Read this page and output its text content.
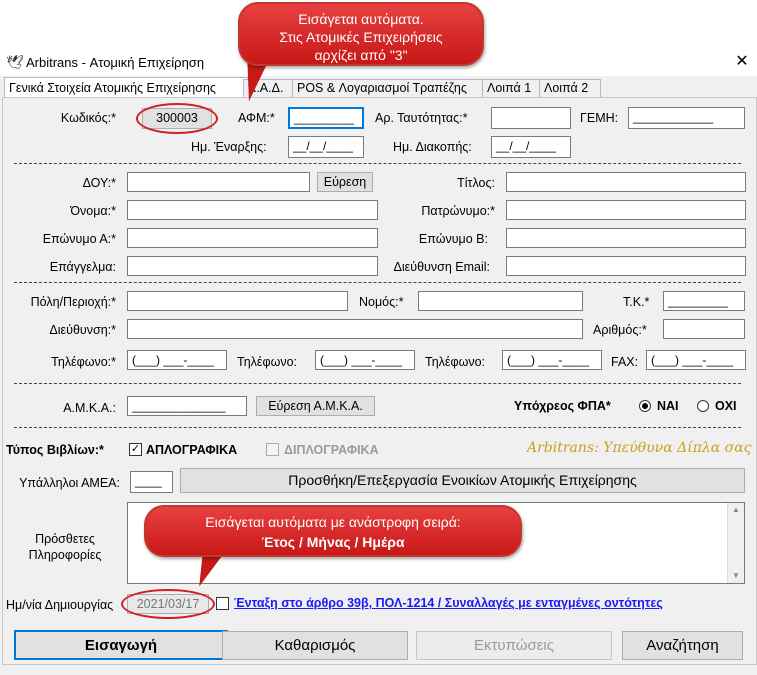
🕊 Arbitrans - Ατομική Επιχείρηση	✕
Γενικά Στοιχεία Ατομικής Επιχείρησης	Κ.Α.Δ.	POS & Λογαριασμοί Τραπέζης	Λοιπά 1	Λοιπά 2
Κωδικός:*	300003	ΑΦΜ:*	_________	Αρ. Ταυτότητας:*	ΓΕΜΗ:	____________
Ημ. Έναρξης:	__/__/____	Ημ. Διακοπής:	__/__/____
ΔΟΥ:*	Εύρεση	Τίτλος:
Όνομα:*	Πατρώνυμο:*
Επώνυμο Α:*	Επώνυμο Β:
Επάγγελμα:	Διεύθυνση Email:
Πόλη/Περιοχή:*	Νομός:*	Τ.Κ.*	_________
Διεύθυνση:*	Αριθμός:*
Τηλέφωνο:*	(___) ___-____	Τηλέφωνο:	(___) ___-____	Τηλέφωνο:	(___) ___-____	FAX:	(___) ___-____
Α.Μ.Κ.Α.:	______________	Εύρεση Α.Μ.Κ.Α.	Υπόχρεος ΦΠΑ*	ΝΑΙ	ΟΧΙ
Τύπος Βιβλίων:* ✓ ΑΠΛΟΓΡΑΦΙΚΑ	ΔΙΠΛΟΓΡΑΦΙΚΑ	Arbitrans: Υπεύθυνα Δίπλα σας
Υπάλληλοι ΑΜΕΑ:	____	Προσθήκη/Επεξεργασία Ενοικίων Ατομικής Επιχείρησης
Πρόσθετες
Πληροφορίες
▲
▼
Ημ/νία Δημιουργίας	2021/03/17	Ένταξη στο άρθρο 39β, ΠΟΛ-1214 / Συναλλαγές με ενταγμένες οντότητες
Εισαγωγή	Καθαρισμός	Εκτυπώσεις	Αναζήτηση
Εισάγεται αυτόματα.
Στις Ατομικές Επιχειρήσεις
αρχίζει από "3"
Εισάγεται αυτόματα με ανάστροφη σειρά:
Έτος / Μήνας / Ημέρα
